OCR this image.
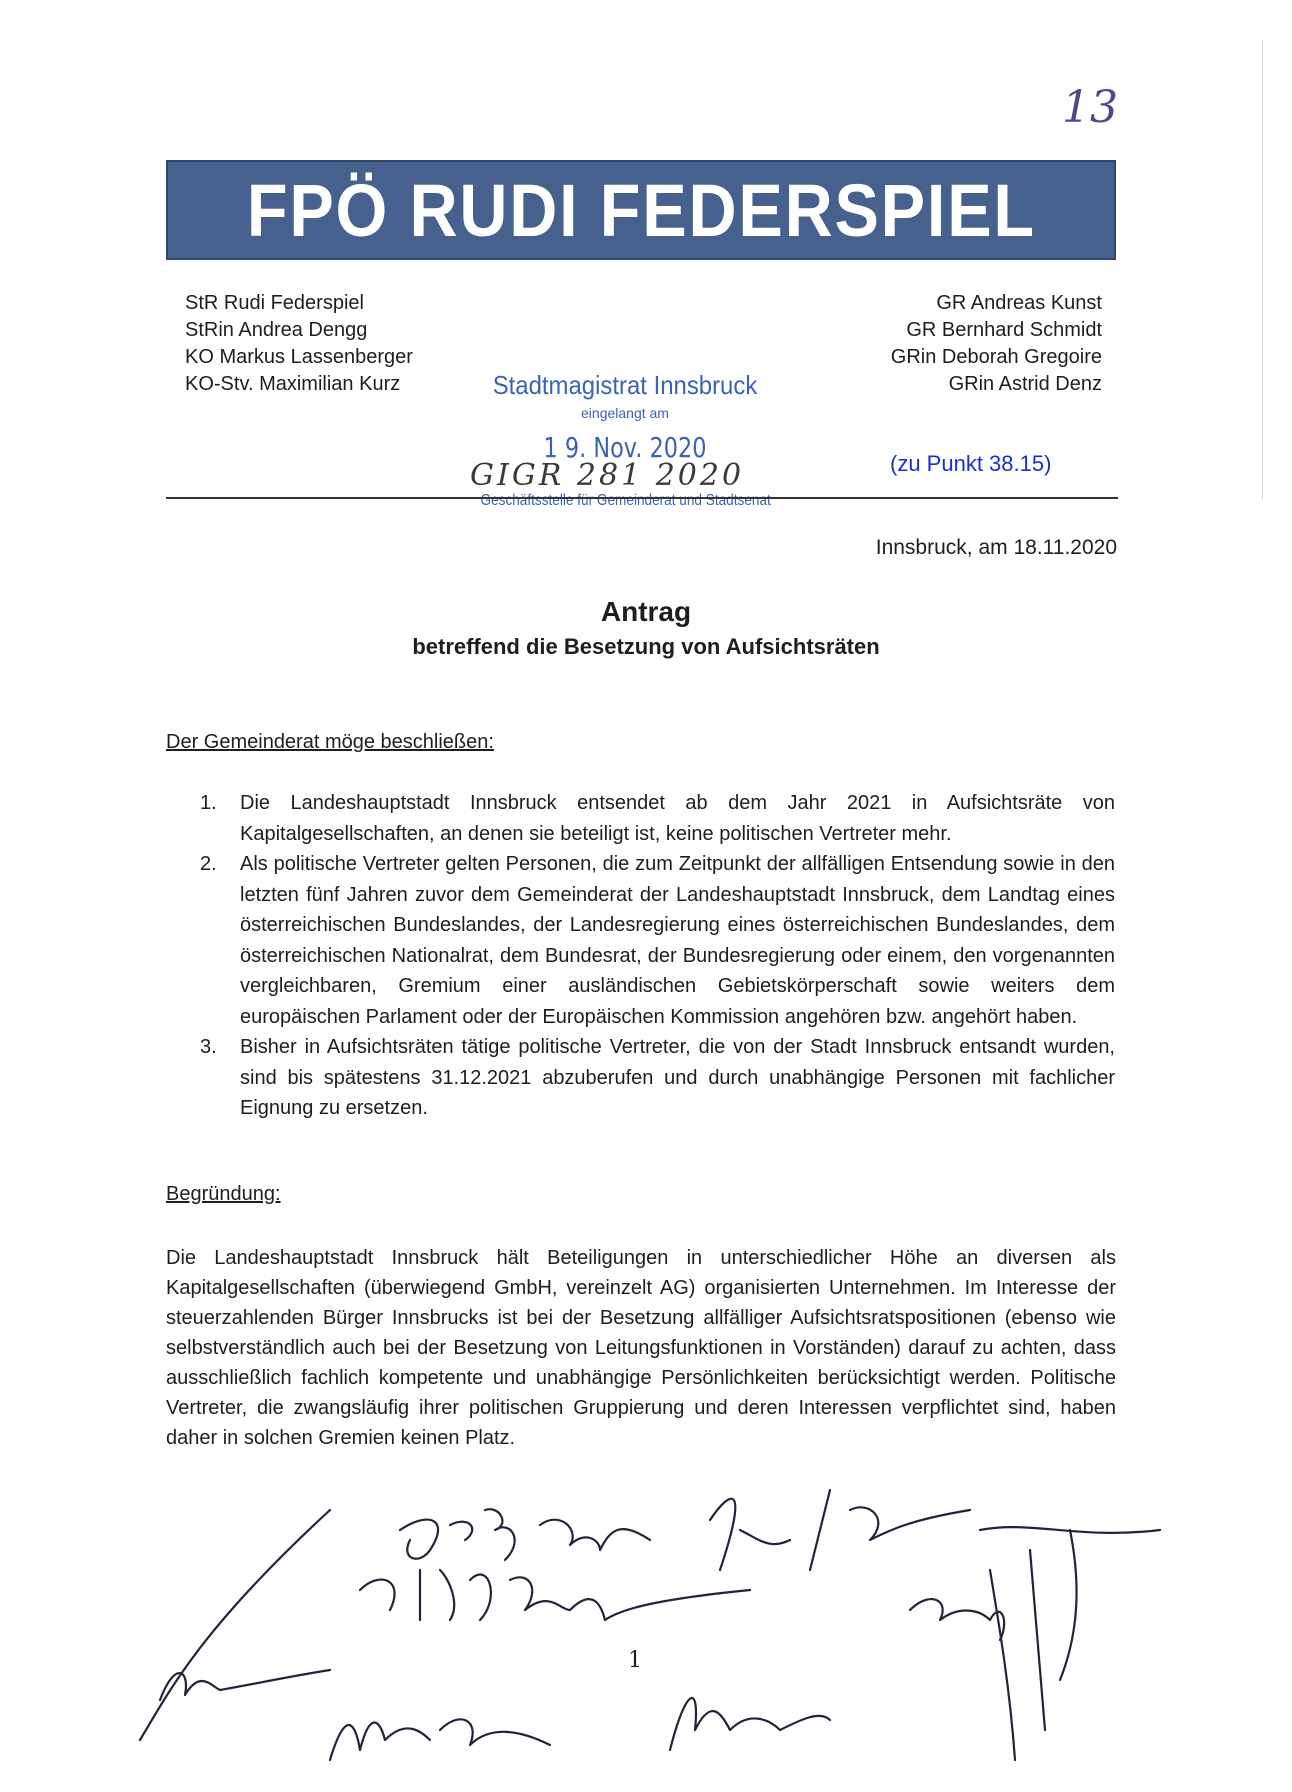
13
FPÖ RUDI FEDERSPIEL
StR Rudi Federspiel
StRin Andrea Dengg
KO Markus Lassenberger
KO-Stv. Maximilian Kurz
GR Andreas Kunst
GR Bernhard Schmidt
GRin Deborah Gregoire
GRin Astrid Denz
Stadtmagistrat Innsbruck
eingelangt am
1 9. Nov. 2020
Geschäftsstelle für Gemeinderat und Stadtsenat
GIGR 281 2020	(zu Punkt 38.15)
Innsbruck, am 18.11.2020
Antrag
betreffend die Besetzung von Aufsichtsräten
Der Gemeinderat möge beschließen:
1. Die Landeshauptstadt Innsbruck entsendet ab dem Jahr 2021 in Aufsichtsräte von Kapitalgesellschaften, an denen sie beteiligt ist, keine politischen Vertreter mehr.
2. Als politische Vertreter gelten Personen, die zum Zeitpunkt der allfälligen Entsendung sowie in den letzten fünf Jahren zuvor dem Gemeinderat der Landeshauptstadt Innsbruck, dem Landtag eines österreichischen Bundeslandes, der Landesregierung eines österreichischen Bundeslandes, dem österreichischen Nationalrat, dem Bundesrat, der Bundesregierung oder einem, den vorgenannten vergleichbaren, Gremium einer ausländischen Gebietskörperschaft sowie weiters dem europäischen Parlament oder der Europäischen Kommission angehören bzw. angehört haben.
3. Bisher in Aufsichtsräten tätige politische Vertreter, die von der Stadt Innsbruck entsandt wurden, sind bis spätestens 31.12.2021 abzuberufen und durch unabhängige Personen mit fachlicher Eignung zu ersetzen.
Begründung:
Die Landeshauptstadt Innsbruck hält Beteiligungen in unterschiedlicher Höhe an diversen als Kapitalgesellschaften (überwiegend GmbH, vereinzelt AG) organisierten Unternehmen. Im Interesse der steuerzahlenden Bürger Innsbrucks ist bei der Besetzung allfälliger Aufsichtsratspositionen (ebenso wie selbstverständlich auch bei der Besetzung von Leitungsfunktionen in Vorständen) darauf zu achten, dass ausschließlich fachlich kompetente und unabhängige Persönlichkeiten berücksichtigt werden. Politische Vertreter, die zwangsläufig ihrer politischen Gruppierung und deren Interessen verpflichtet sind, haben daher in solchen Gremien keinen Platz.
1
